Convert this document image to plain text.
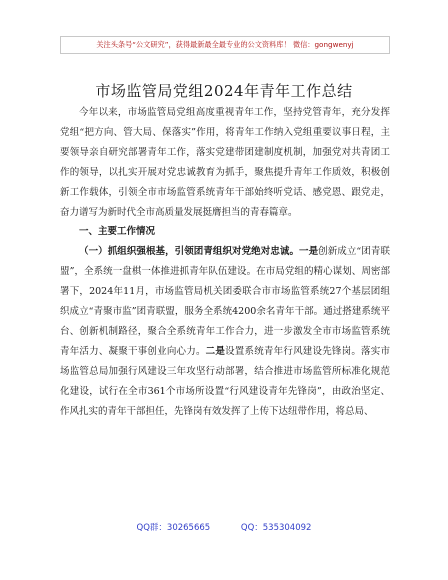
关注头条号“公文研究”，获得最新最全最专业的公文资料库！ 微信：gongwenyj
市场监管局党组2024年青年工作总结

今年以来，市场监管局党组高度重视青年工作，坚持党管青年，充分发挥党组“把方向、管大局、保落实”作用，将青年工作纳入党组重要议事日程，主要领导亲自研究部署青年工作，落实党建带团建制度机制，加强党对共青团工作的领导，以扎实开展对党忠诚教育为抓手，聚焦提升青年工作质效，积极创新工作载体，引领全市市场监管系统青年干部始终听党话、感党恩、跟党走，奋力谱写为新时代全市高质量发展挺膺担当的青春篇章。

一、主要工作情况

（一）抓组织强根基，引领团青组织对党绝对忠诚。一是创新成立“团青联盟”，全系统一盘棋一体推进抓青年队伍建设。在市局党组的精心谋划、周密部署下，2024年11月，市场监管局机关团委联合市市场监管系统27个基层团组织成立“青聚市监”团青联盟，服务全系统4200余名青年干部。通过搭建系统平台、创新机制路径，聚合全系统青年工作合力，进一步激发全市市场监管系统青年活力、凝聚干事创业向心力。二是设置系统青年行风建设先锋岗。落实市场监管总局加强行风建设三年攻坚行动部署，结合推进市场监管所标准化规范化建设，试行在全市361个市场所设置“行风建设青年先锋岗”，由政治坚定、作风扎实的青年干部担任，先锋岗有效发挥了上传下达纽带作用，将总局、

QQ群：30265665	QQ：535304092
